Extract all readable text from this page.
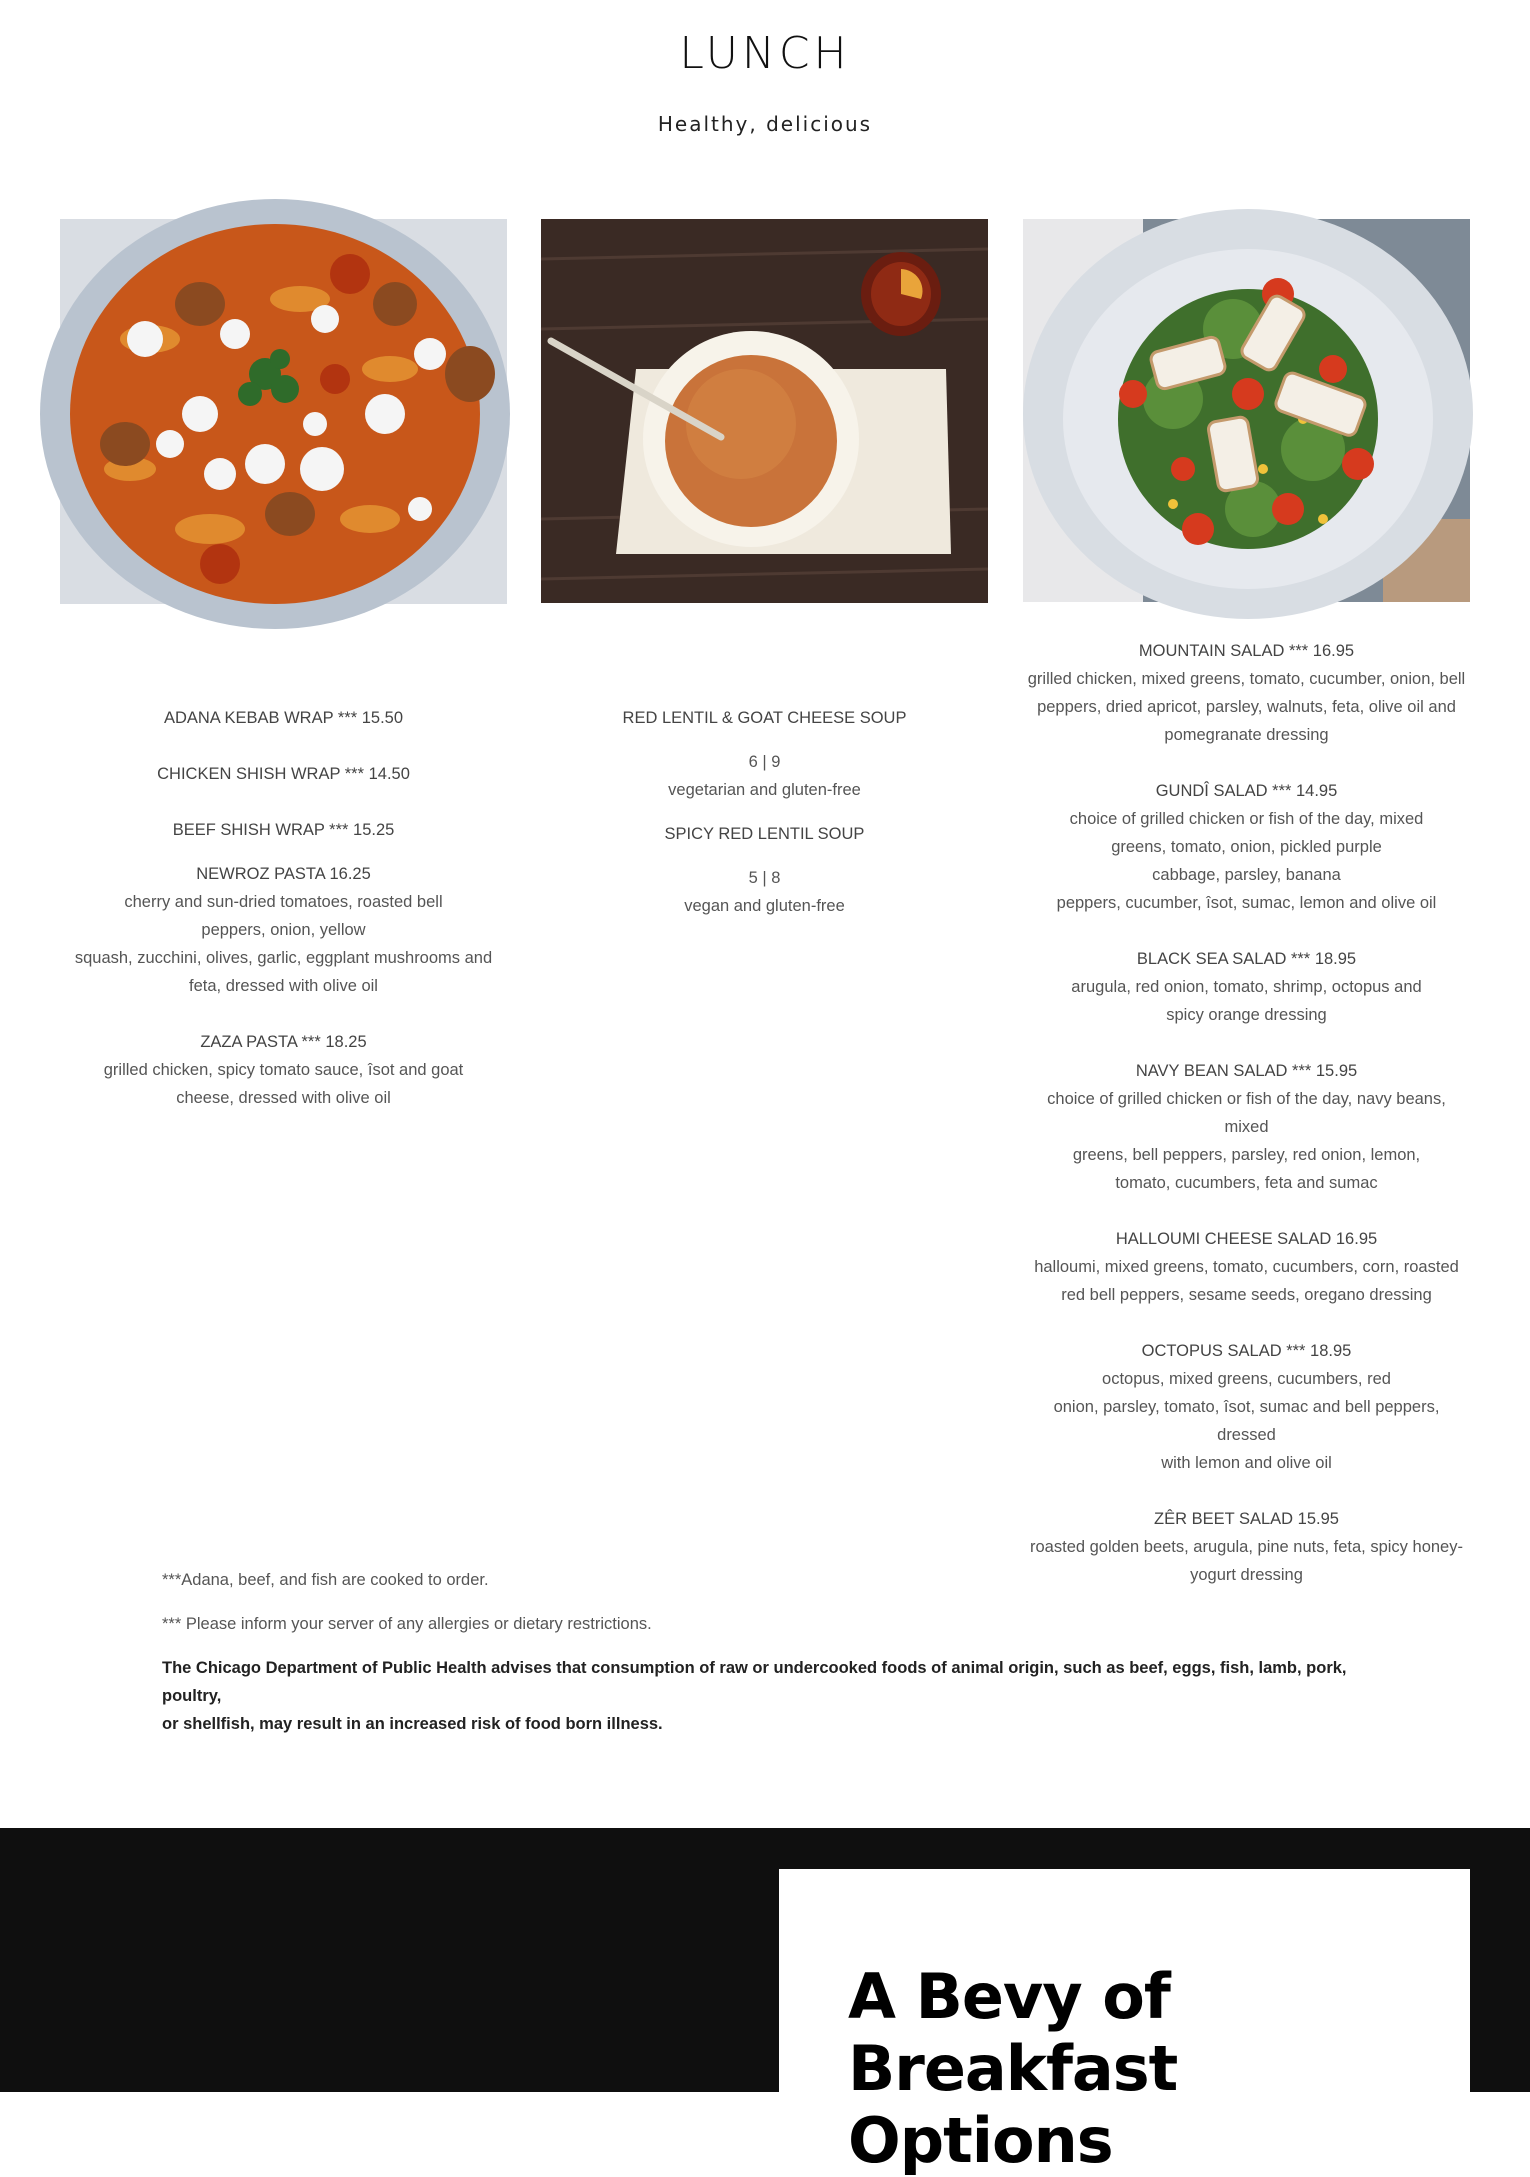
LUNCH
Healthy, delicious
ADANA KEBAB WRAP *** 15.50
CHICKEN SHISH WRAP *** 14.50
BEEF SHISH WRAP *** 15.25
NEWROZ PASTA 16.25
cherry and sun-dried tomatoes, roasted bell
peppers, onion, yellow
squash, zucchini, olives, garlic, eggplant mushrooms and
feta, dressed with olive oil
ZAZA PASTA *** 18.25
grilled chicken, spicy tomato sauce, îsot and goat
cheese, dressed with olive oil
RED LENTIL & GOAT CHEESE SOUP
6 | 9
vegetarian and gluten-free
SPICY RED LENTIL SOUP
5 | 8
vegan and gluten-free
MOUNTAIN SALAD *** 16.95
grilled chicken, mixed greens, tomato, cucumber, onion, bell
peppers, dried apricot, parsley, walnuts, feta, olive oil and
pomegranate dressing
GUNDÎ SALAD *** 14.95
choice of grilled chicken or fish of the day, mixed
greens, tomato, onion, pickled purple
cabbage, parsley, banana
peppers, cucumber, îsot, sumac, lemon and olive oil
BLACK SEA SALAD *** 18.95
arugula, red onion, tomato, shrimp, octopus and
spicy orange dressing
NAVY BEAN SALAD *** 15.95
choice of grilled chicken or fish of the day, navy beans, mixed
greens, bell peppers, parsley, red onion, lemon,
tomato, cucumbers, feta and sumac
HALLOUMI CHEESE SALAD 16.95
halloumi, mixed greens, tomato, cucumbers, corn, roasted
red bell peppers, sesame seeds, oregano dressing
OCTOPUS SALAD *** 18.95
octopus, mixed greens, cucumbers, red
onion, parsley, tomato, îsot, sumac and bell peppers, dressed
with lemon and olive oil
ZÊR BEET SALAD 15.95
roasted golden beets, arugula, pine nuts, feta, spicy honey-
yogurt dressing

***Adana, beef, and fish are cooked to order.

*** Please inform your server of any allergies or dietary restrictions.

The Chicago Department of Public Health advises that consumption of raw or undercooked foods of animal origin, such as beef, eggs, fish, lamb, pork, poultry,
or shellfish, may result in an increased risk of food born illness.
A Bevy of Breakfast
Options
